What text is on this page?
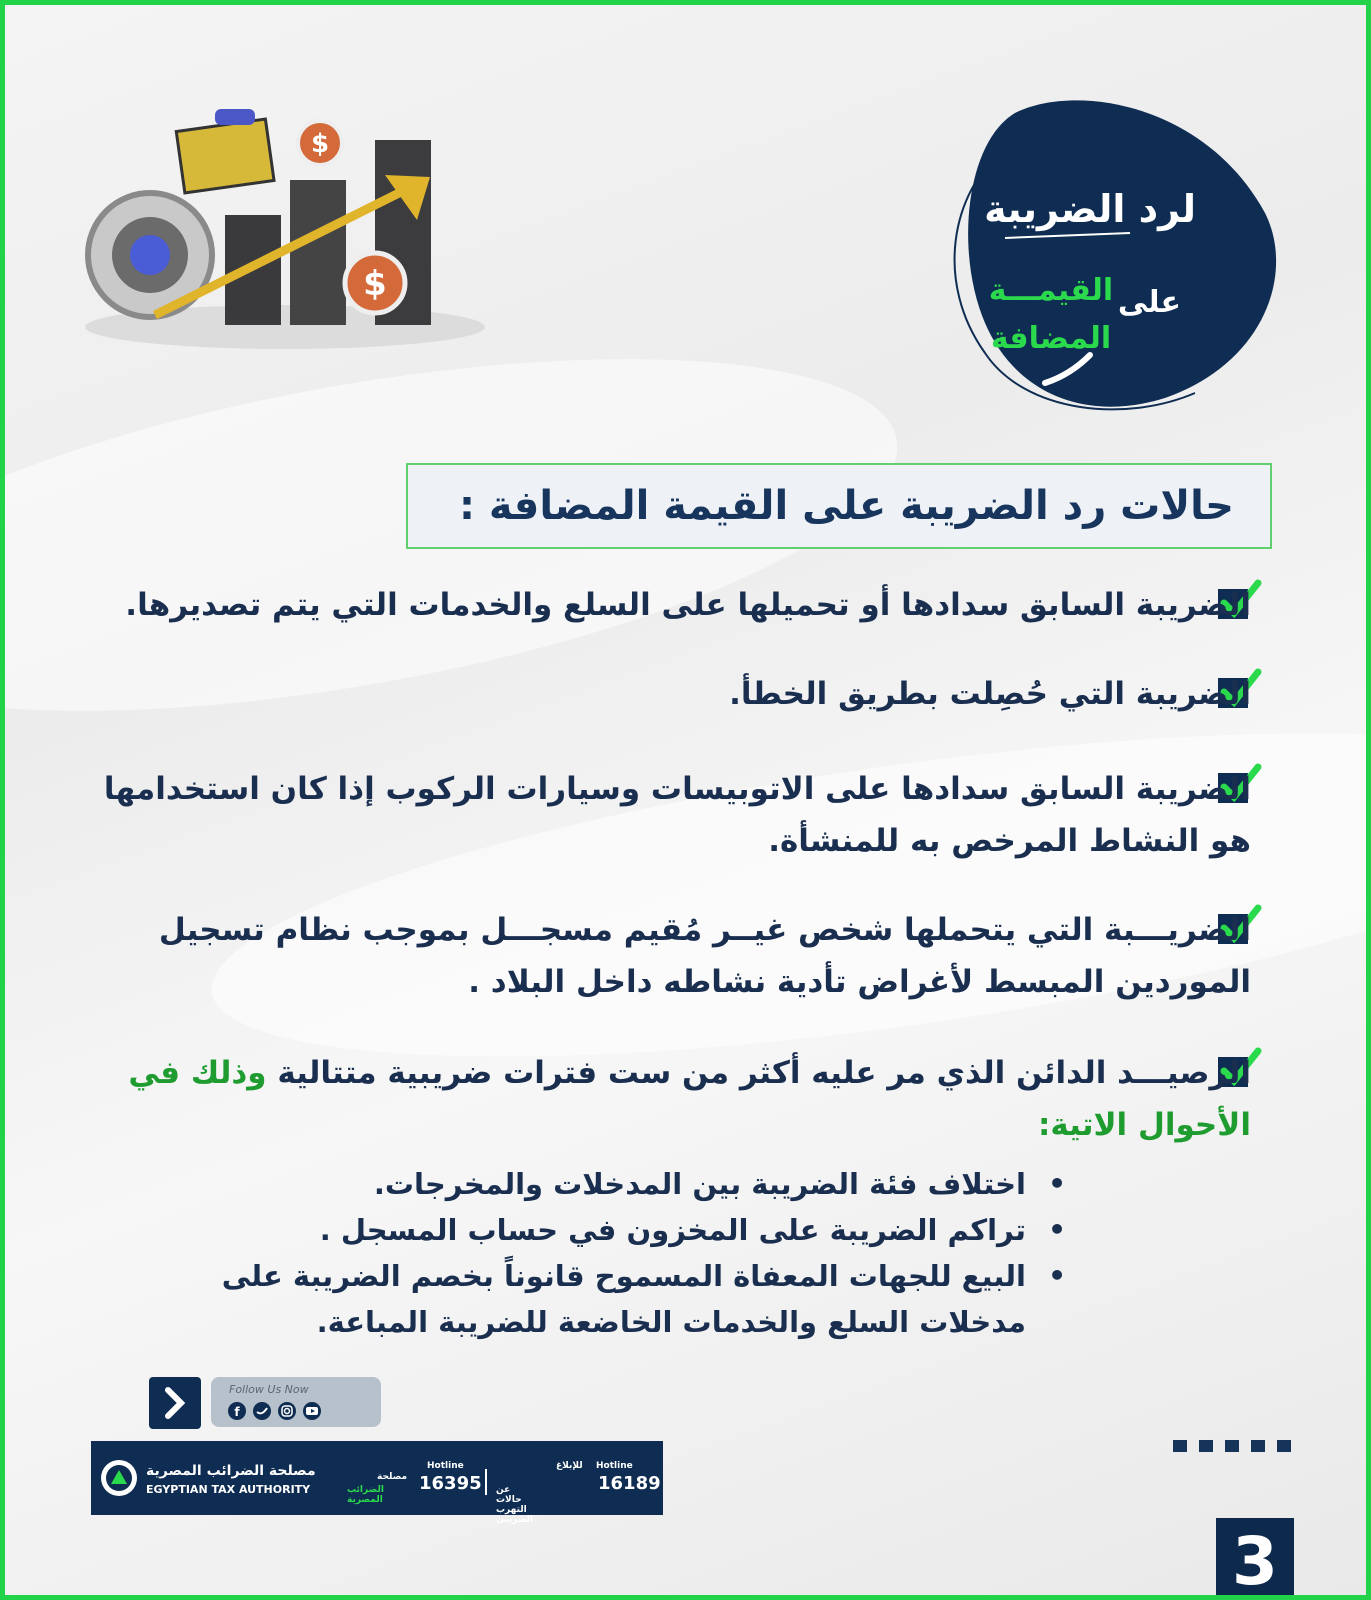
$
$
لرد الضريبة
القيمـــة
المضافة
على
حالات رد الضريبة على القيمة المضافة :
الضريبة السابق سدادها أو تحميلها على السلع والخدمات التي يتم تصديرها.
الضريبة التي حُصِلت بطريق الخطأ.
الضريبة السابق سدادها على الاتوبيسات وسيارات الركوب إذا كان استخدامها هو النشاط المرخص به للمنشأة.
الضريـــبة التي يتحملها شخص غيــر مُقيم مسجـــل بموجب نظام تسجيل الموردين المبسط لأغراض تأدية نشاطه داخل البلاد .
الرصيـــد الدائن الذي مر عليه أكثر من ست فترات ضريبية متتالية وذلك في الأحوال الاتية:
• اختلاف فئة الضريبة بين المدخلات والمخرجات.
• تراكم الضريبة على المخزون في حساب المسجل .
• البيع للجهات المعفاة المسموح قانوناً بخصم الضريبة على مدخلات السلع والخدمات الخاضعة للضريبة المباعة.
Follow Us Now
f
مصلحة الضرائب المصرية
EGYPTIAN TAX AUTHORITY
Hotline
مصلحة
الضرائب المصرية
16395
Hotline
للإبلاغ
عن حالات التهرب الضريبي
16189
3
